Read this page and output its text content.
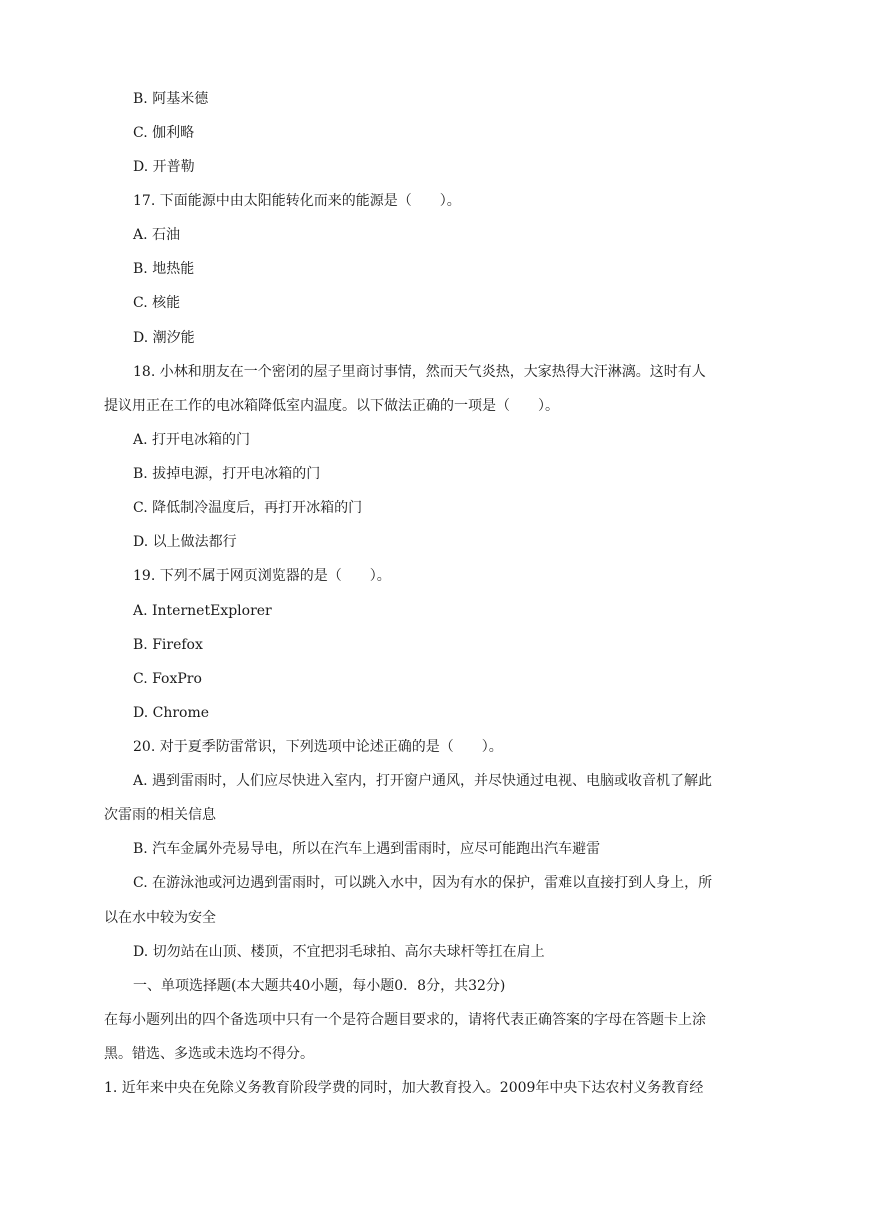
B. 阿基米德
C. 伽利略
D. 开普勒
17. 下面能源中由太阳能转化而来的能源是（　　）。
A. 石油
B. 地热能
C. 核能
D. 潮汐能
18. 小林和朋友在一个密闭的屋子里商讨事情，然而天气炎热，大家热得大汗淋漓。这时有人
提议用正在工作的电冰箱降低室内温度。以下做法正确的一项是（　　）。
A. 打开电冰箱的门
B. 拔掉电源，打开电冰箱的门
C. 降低制冷温度后，再打开冰箱的门
D. 以上做法都行
19. 下列不属于网页浏览器的是（　　）。
A. InternetExplorer
B. Firefox
C. FoxPro
D. Chrome
20. 对于夏季防雷常识，下列选项中论述正确的是（　　）。
A. 遇到雷雨时，人们应尽快进入室内，打开窗户通风，并尽快通过电视、电脑或收音机了解此
次雷雨的相关信息
B. 汽车金属外壳易导电，所以在汽车上遇到雷雨时，应尽可能跑出汽车避雷
C. 在游泳池或河边遇到雷雨时，可以跳入水中，因为有水的保护，雷难以直接打到人身上，所
以在水中较为安全
D. 切勿站在山顶、楼顶，不宜把羽毛球拍、高尔夫球杆等扛在肩上
一、单项选择题(本大题共40小题，每小题0．8分，共32分)
在每小题列出的四个备选项中只有一个是符合题目要求的，请将代表正确答案的字母在答题卡上涂
黑。错选、多选或未选均不得分。
1. 近年来中央在免除义务教育阶段学费的同时，加大教育投入。2009年中央下达农村义务教育经
